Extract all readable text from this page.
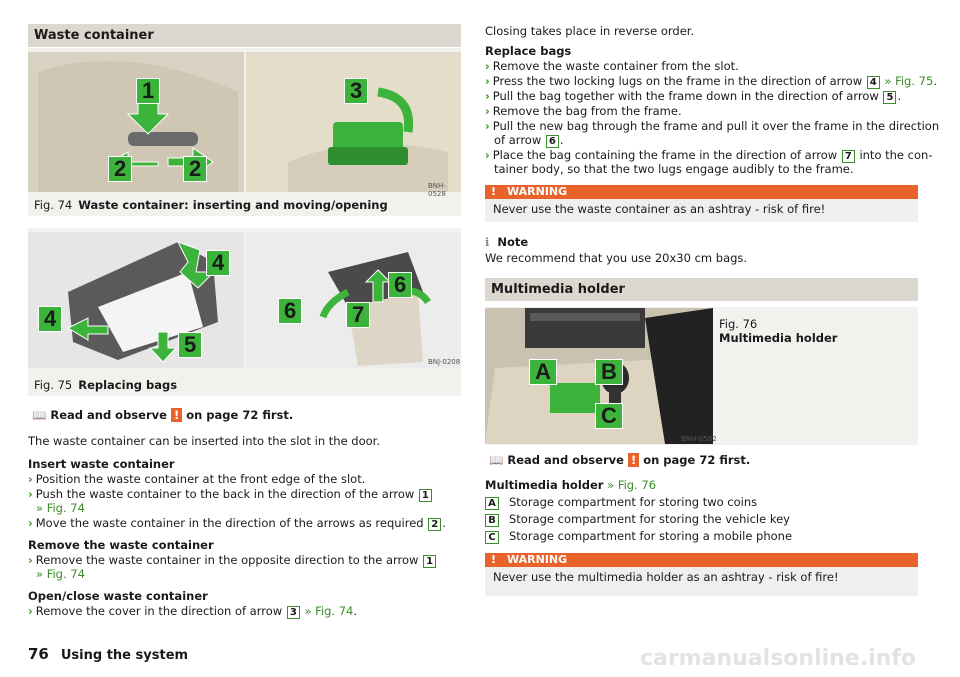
Waste container
1
2	2
3
BNH-0528
Fig. 74 Waste container: inserting and moving/opening
4
4
5
6
6
7
BNJ-0208
Fig. 75 Replacing bags
📖 Read and observe ! on page 72 first.
The waste container can be inserted into the slot in the door.
Insert waste container
› Position the waste container at the front edge of the slot.
› Push the waste container to the back in the direction of the arrow 1
» Fig. 74
› Move the waste container in the direction of the arrows as required 2 .
Remove the waste container
› Remove the waste container in the opposite direction to the arrow 1
» Fig. 74
Open/close waste container
› Remove the cover in the direction of arrow 3 » Fig. 74.
Closing takes place in reverse order.
Replace bags
› Remove the waste container from the slot.
› Press the two locking lugs on the frame in the direction of arrow 4 » Fig. 75.
› Pull the bag together with the frame down in the direction of arrow 5 .
› Remove the bag from the frame.
› Pull the new bag through the frame and pull it over the frame in the direction
of arrow 6 .
› Place the bag containing the frame in the direction of arrow 7 into the con-
tainer body, so that the two lugs engage audibly to the frame.
! WARNING
Never use the waste container as an ashtray - risk of fire!
ℹ Note
We recommend that you use 20x30 cm bags.
Multimedia holder
A B
C
BNH-0582
Fig. 76
Multimedia holder
📖 Read and observe ! on page 72 first.
Multimedia holder » Fig. 76
A Storage compartment for storing two coins
B Storage compartment for storing the vehicle key
C Storage compartment for storing a mobile phone
! WARNING
Never use the multimedia holder as an ashtray - risk of fire!
76 Using the system	carmanualsonline.info
